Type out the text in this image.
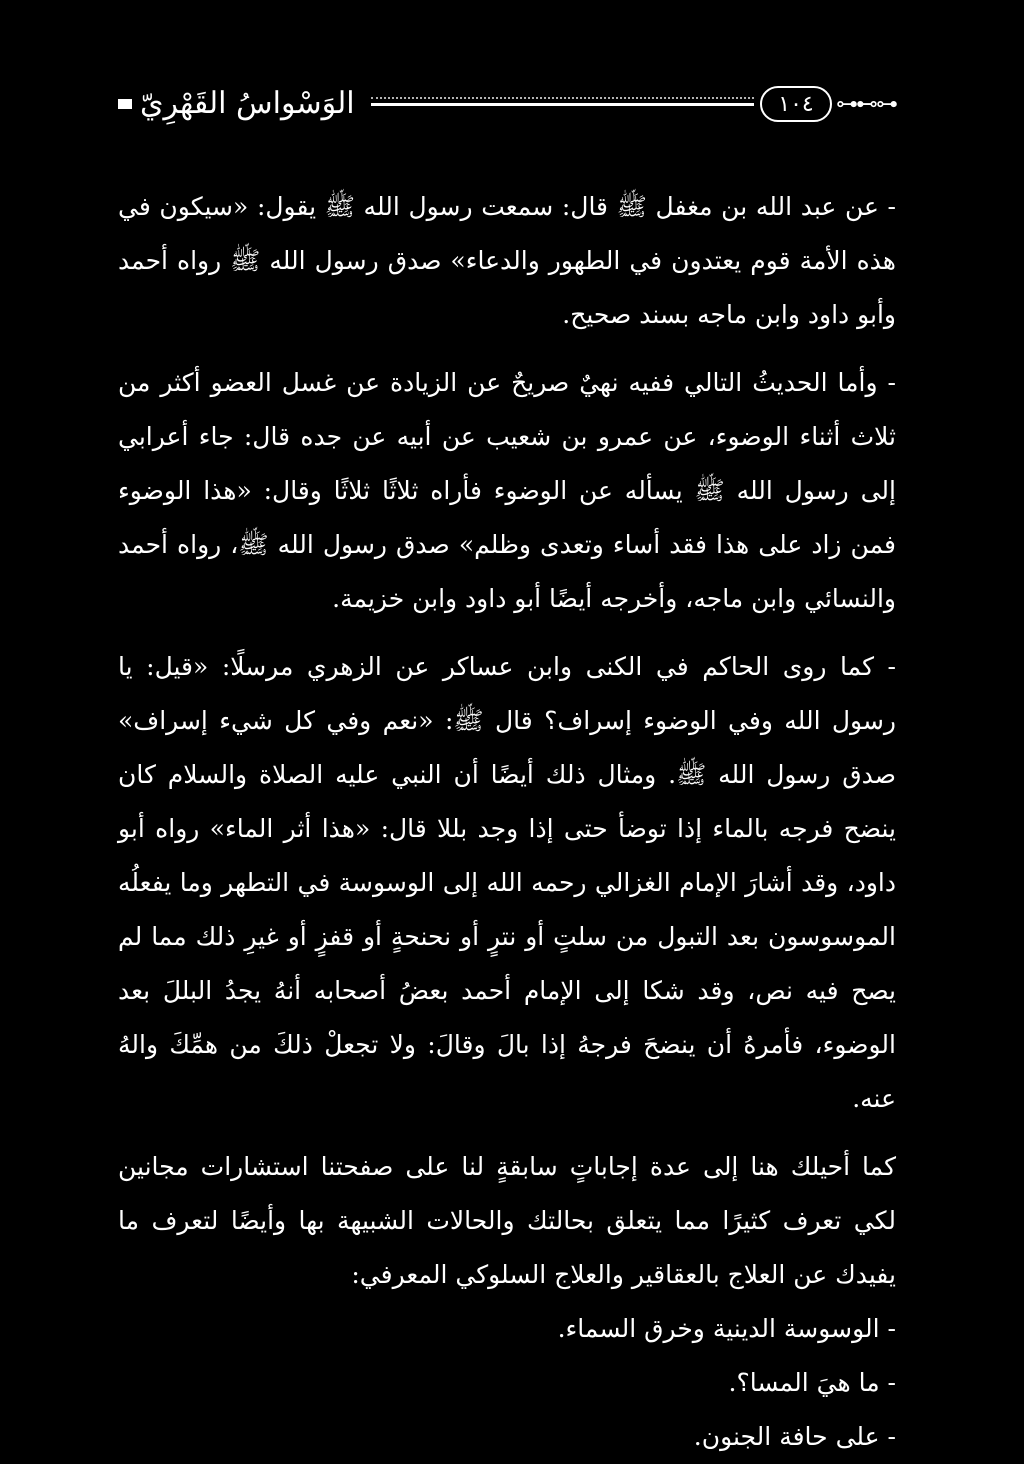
الوَسْواسُ القَهْرِيّ	١٠٤	⊶⊷⊶

- عن عبد الله بن مغفل ﷺ قال: سمعت رسول الله ﷺ يقول: «سيكون في هذه الأمة قوم يعتدون في الطهور والدعاء» صدق رسول الله ﷺ رواه أحمد وأبو داود وابن ماجه بسند صحيح.

- وأما الحديثُ التالي ففيه نهيٌ صريحٌ عن الزيادة عن غسل العضو أكثر من ثلاث أثناء الوضوء، عن عمرو بن شعيب عن أبيه عن جده قال: جاء أعرابي إلى رسول الله ﷺ يسأله عن الوضوء فأراه ثلاثًا ثلاثًا وقال: «هذا الوضوء فمن زاد على هذا فقد أساء وتعدى وظلم» صدق رسول الله ﷺ، رواه أحمد والنسائي وابن ماجه، وأخرجه أيضًا أبو داود وابن خزيمة.

- كما روى الحاكم في الكنى وابن عساكر عن الزهري مرسلًا: «قيل: يا رسول الله وفي الوضوء إسراف؟ قال ﷺ: «نعم وفي كل شيء إسراف» صدق رسول الله ﷺ. ومثال ذلك أيضًا أن النبي عليه الصلاة والسلام كان ينضح فرجه بالماء إذا توضأ حتى إذا وجد بللا قال: «هذا أثر الماء» رواه أبو داود، وقد أشارَ الإمام الغزالي رحمه الله إلى الوسوسة في التطهر وما يفعلُه الموسوسون بعد التبول من سلتٍ أو نترٍ أو نحنحةٍ أو قفزٍ أو غيرِ ذلك مما لم يصح فيه نص، وقد شكا إلى الإمام أحمد بعضُ أصحابه أنهُ يجدُ البللَ بعد الوضوء، فأمرهُ أن ينضحَ فرجهُ إذا بالَ وقالَ: ولا تجعلْ ذلكَ من همِّكَ والهُ عنه.

كما أحيلك هنا إلى عدة إجاباتٍ سابقةٍ لنا على صفحتنا استشارات مجانين لكي تعرف كثيرًا مما يتعلق بحالتك والحالات الشبيهة بها وأيضًا لتعرف ما يفيدك عن العلاج بالعقاقير والعلاج السلوكي المعرفي:

- الوسوسة الدينية وخرق السماء.

- ما هيَ المسا؟.

- على حافة الجنون.
